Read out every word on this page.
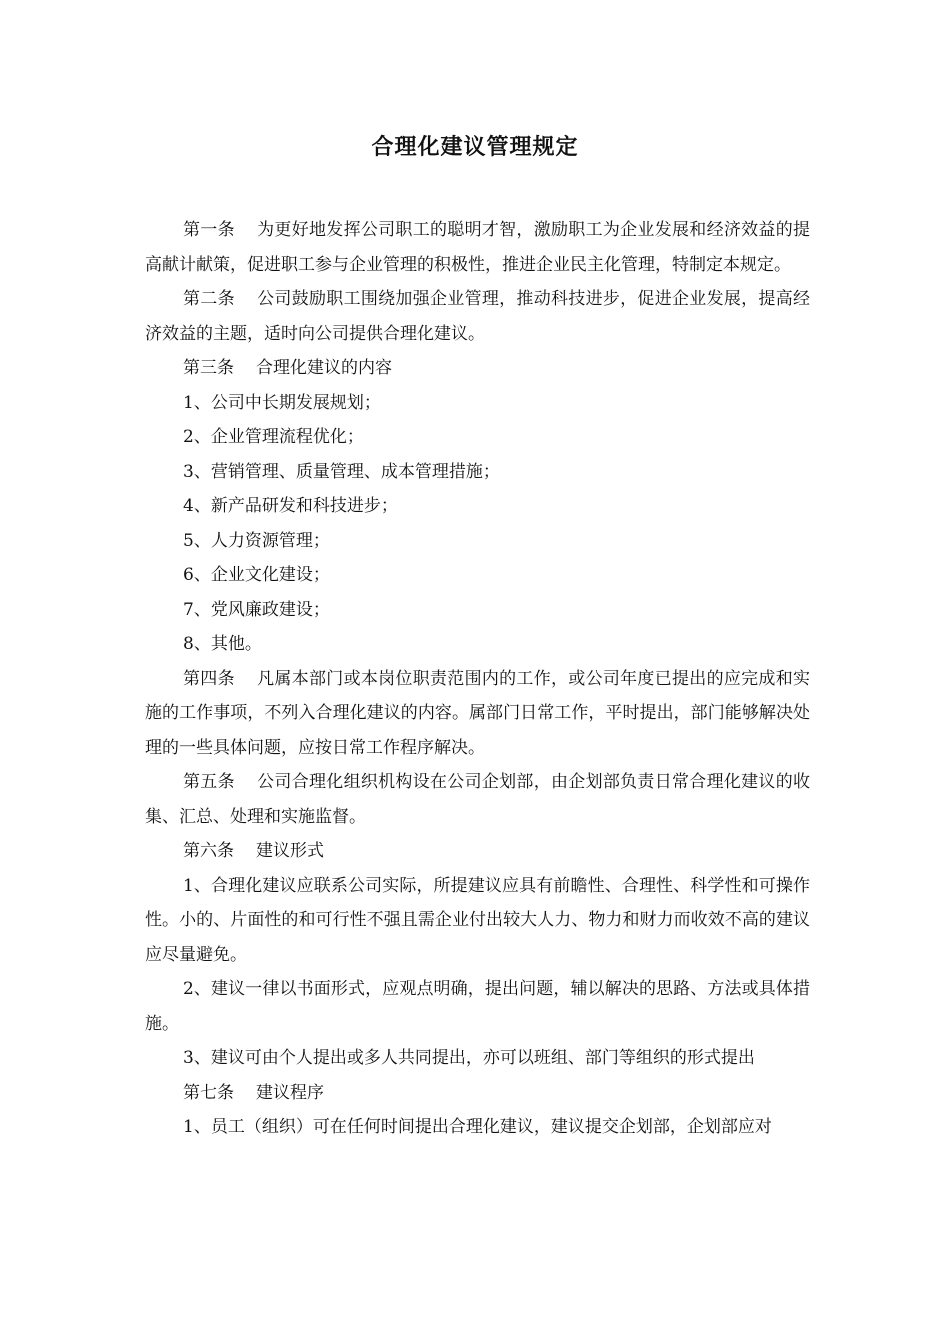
合理化建议管理规定

第一条 为更好地发挥公司职工的聪明才智，激励职工为企业发展和经济效益的提高献计献策，促进职工参与企业管理的积极性，推进企业民主化管理，特制定本规定。

第二条 公司鼓励职工围绕加强企业管理，推动科技进步，促进企业发展，提高经济效益的主题，适时向公司提供合理化建议。

第三条 合理化建议的内容

1、公司中长期发展规划；

2、企业管理流程优化；

3、营销管理、质量管理、成本管理措施；

4、新产品研发和科技进步；

5、人力资源管理；

6、企业文化建设；

7、党风廉政建设；

8、其他。

第四条 凡属本部门或本岗位职责范围内的工作，或公司年度已提出的应完成和实施的工作事项，不列入合理化建议的内容。属部门日常工作，平时提出，部门能够解决处理的一些具体问题，应按日常工作程序解决。

第五条 公司合理化组织机构设在公司企划部，由企划部负责日常合理化建议的收集、汇总、处理和实施监督。

第六条 建议形式

1、合理化建议应联系公司实际，所提建议应具有前瞻性、合理性、科学性和可操作性。小的、片面性的和可行性不强且需企业付出较大人力、物力和财力而收效不高的建议应尽量避免。

2、建议一律以书面形式，应观点明确，提出问题，辅以解决的思路、方法或具体措施。

3、建议可由个人提出或多人共同提出，亦可以班组、部门等组织的形式提出

第七条 建议程序

1、员工（组织）可在任何时间提出合理化建议，建议提交企划部，企划部应对
